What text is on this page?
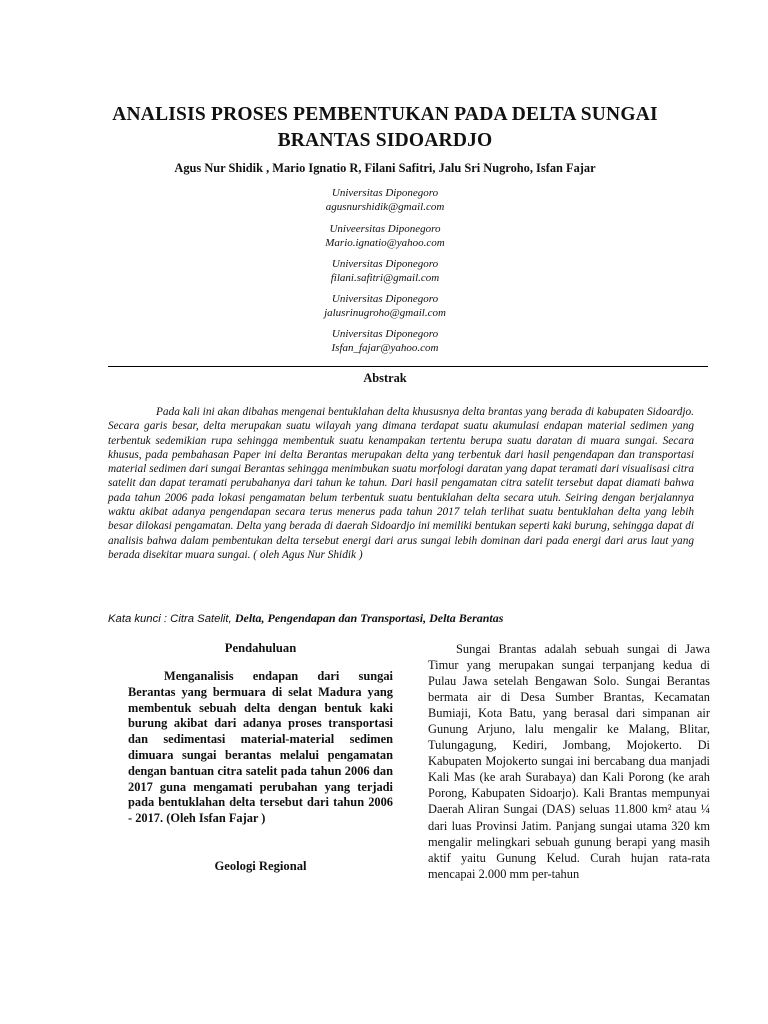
ANALISIS PROSES PEMBENTUKAN PADA DELTA SUNGAI
BRANTAS SIDOARDJO
Agus Nur Shidik , Mario Ignatio R, Filani Safitri, Jalu Sri Nugroho, Isfan Fajar
Universitas Diponegoro
agusnurshidik@gmail.com
Univeersitas Diponegoro
Mario.ignatio@yahoo.com
Universitas Diponegoro
filani.safitri@gmail.com
Universitas Diponegoro
jalusrinugroho@gmail.com
Universitas Diponegoro
Isfan_fajar@yahoo.com
Abstrak

Pada kali ini akan dibahas mengenai bentuklahan delta khususnya delta brantas yang berada di kabupaten Sidoardjo. Secara garis besar, delta merupakan suatu wilayah yang dimana terdapat suatu akumulasi endapan material sedimen yang terbentuk sedemikian rupa sehingga membentuk suatu kenampakan tertentu berupa suatu daratan di muara sungai. Secara khusus, pada pembahasan Paper ini delta Berantas merupakan delta yang terbentuk dari hasil pengendapan dan transportasi material sedimen dari sungai Berantas sehingga menimbukan suatu morfologi daratan yang dapat teramati dari visualisasi citra satelit dan dapat teramati perubahanya dari tahun ke tahun. Dari hasil pengamatan citra satelit tersebut dapat diamati bahwa pada tahun 2006 pada lokasi pengamatan belum terbentuk suatu bentuklahan delta secara utuh. Seiring dengan berjalannya waktu akibat adanya pengendapan secara terus menerus pada tahun 2017 telah terlihat suatu bentuklahan delta yang lebih besar dilokasi pengamatan. Delta yang berada di daerah Sidoardjo ini memiliki bentukan seperti kaki burung, sehingga dapat di analisis bahwa dalam pembentukan delta tersebut energi dari arus sungai lebih dominan dari pada energi dari arus laut yang berada disekitar muara sungai. ( oleh Agus Nur Shidik )

Kata kunci : Citra Satelit, Delta, Pengendapan dan Transportasi, Delta Berantas
Pendahuluan

Menganalisis endapan dari sungai Berantas yang bermuara di selat Madura yang membentuk sebuah delta dengan bentuk kaki burung akibat dari adanya proses transportasi dan sedimentasi material-material sedimen dimuara sungai berantas melalui pengamatan dengan bantuan citra satelit pada tahun 2006 dan 2017 guna mengamati perubahan yang terjadi pada bentuklahan delta tersebut dari tahun 2006 - 2017. (Oleh Isfan Fajar )

Geologi Regional

Sungai Brantas adalah sebuah sungai di Jawa Timur yang merupakan sungai terpanjang kedua di Pulau Jawa setelah Bengawan Solo. Sungai Berantas bermata air di Desa Sumber Brantas, Kecamatan Bumiaji, Kota Batu, yang berasal dari simpanan air Gunung Arjuno, lalu mengalir ke Malang, Blitar, Tulungagung, Kediri, Jombang, Mojokerto. Di Kabupaten Mojokerto sungai ini bercabang dua manjadi Kali Mas (ke arah Surabaya) dan Kali Porong (ke arah Porong, Kabupaten Sidoarjo). Kali Brantas mempunyai Daerah Aliran Sungai (DAS) seluas 11.800 km² atau ¼ dari luas Provinsi Jatim. Panjang sungai utama 320 km mengalir melingkari sebuah gunung berapi yang masih aktif yaitu Gunung Kelud. Curah hujan rata-rata mencapai 2.000 mm per-tahun
